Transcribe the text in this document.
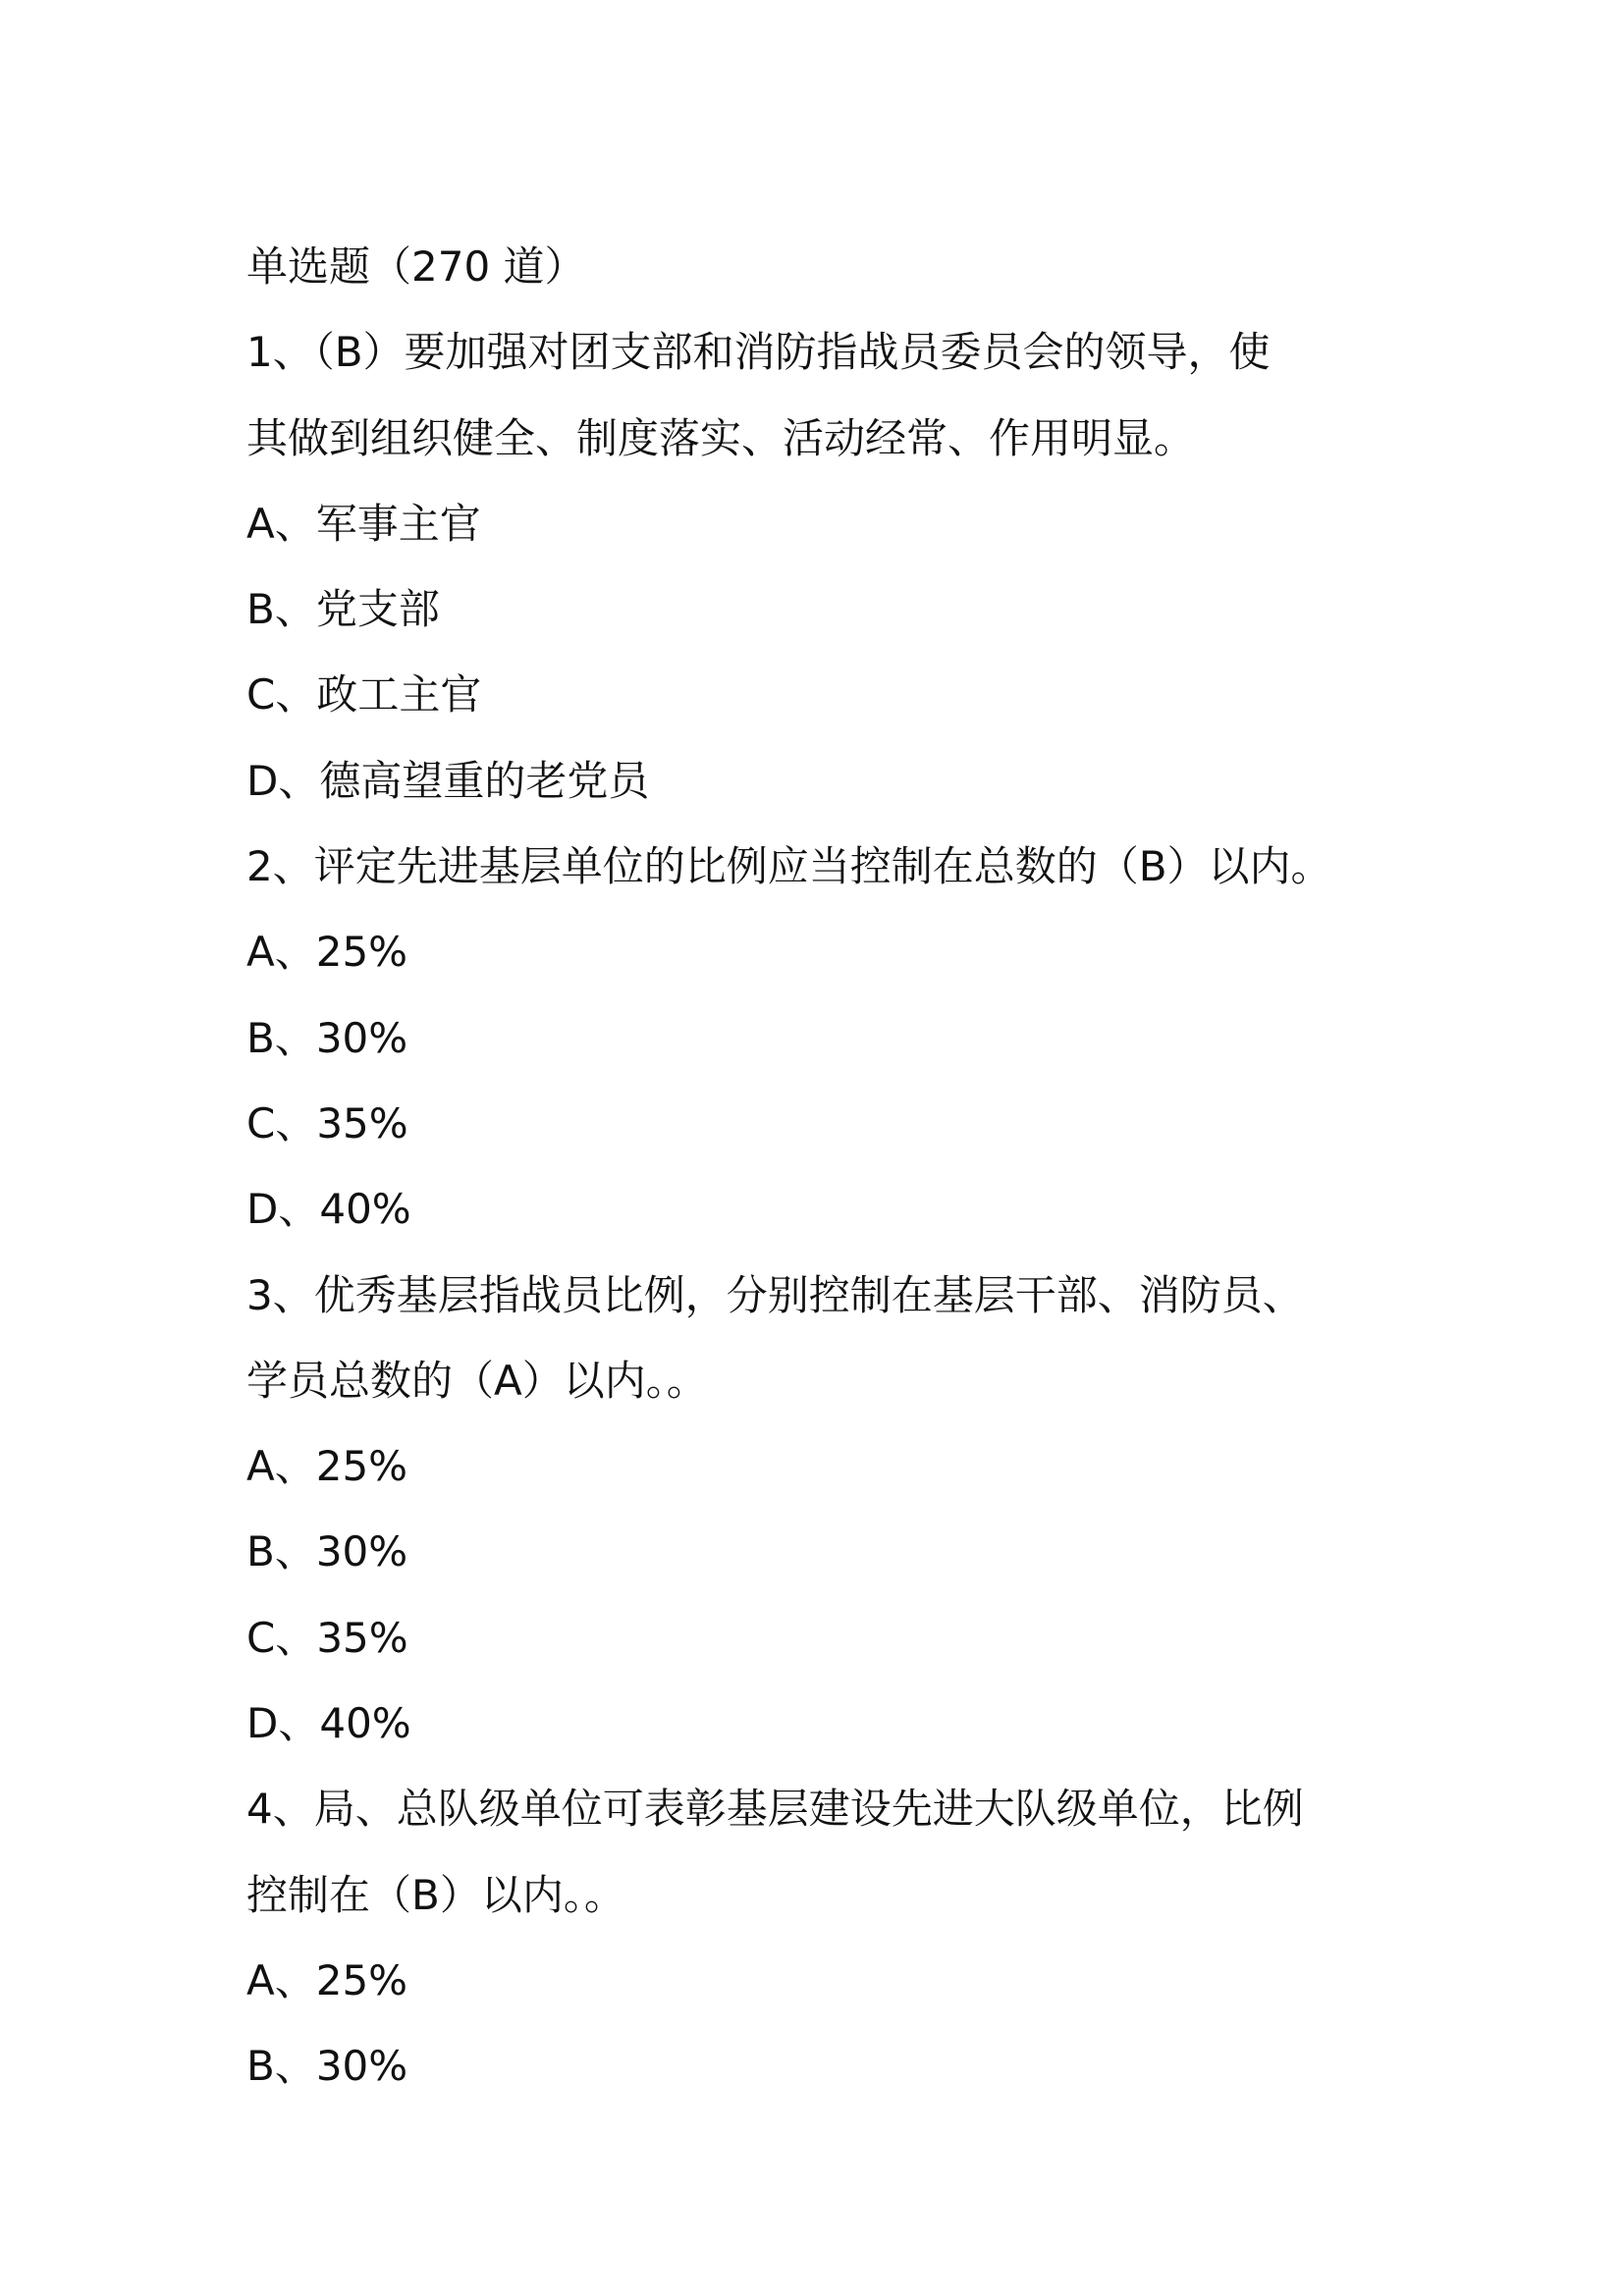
单选题（270 道）
1、（B）要加强对团支部和消防指战员委员会的领导，使
其做到组织健全、制度落实、活动经常、作用明显。
A、军事主官
B、党支部
C、政工主官
D、德高望重的老党员
2、评定先进基层单位的比例应当控制在总数的（B）以内。
A、25%
B、30%
C、35%
D、40%
3、优秀基层指战员比例，分别控制在基层干部、消防员、
学员总数的（A）以内。。
A、25%
B、30%
C、35%
D、40%
4、局、总队级单位可表彰基层建设先进大队级单位，比例
控制在（B）以内。。
A、25%
B、30%
